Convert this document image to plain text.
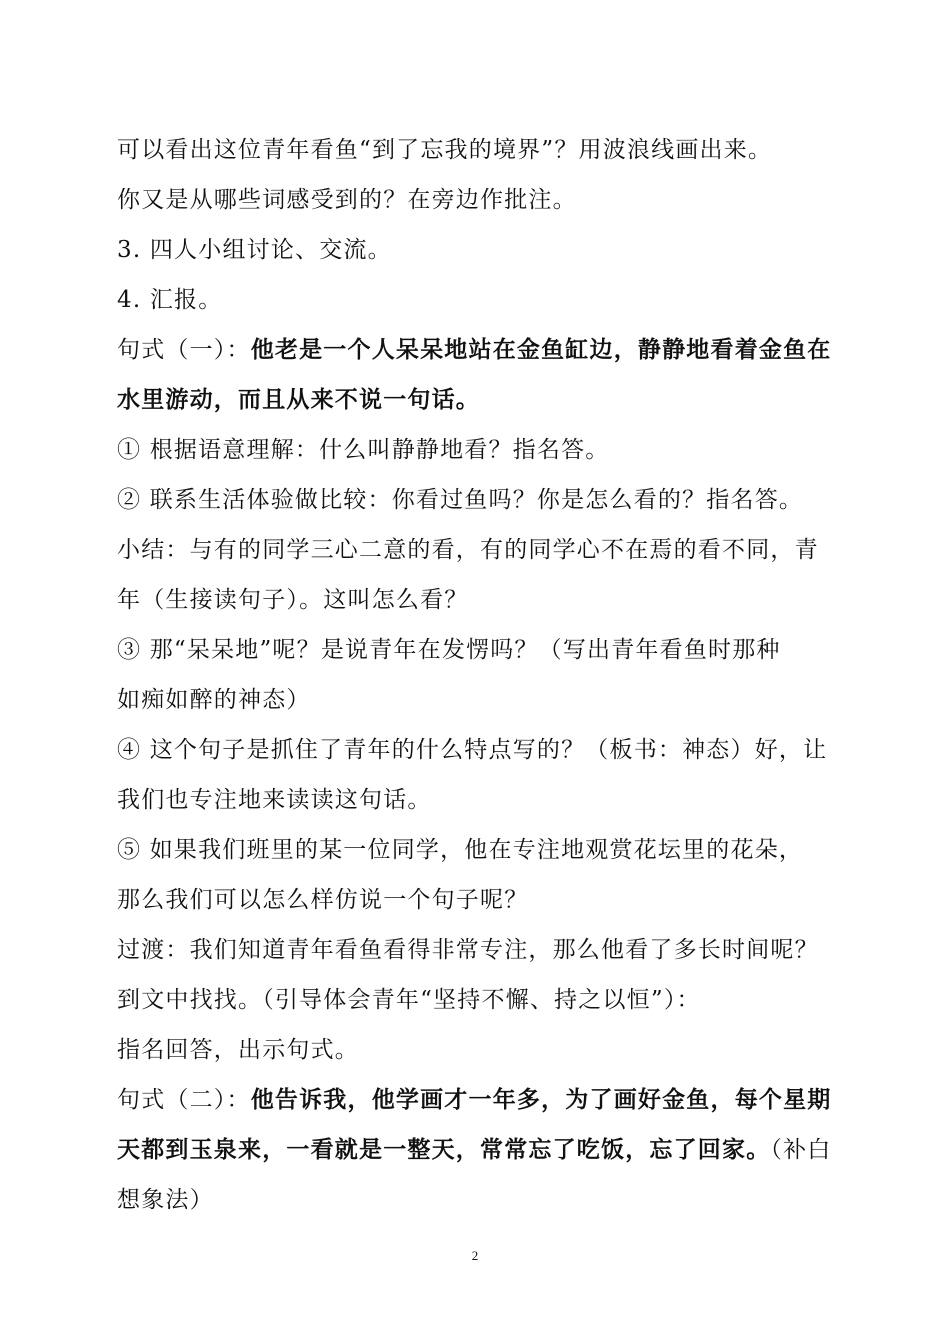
可以看出这位青年看鱼“到了忘我的境界”？用波浪线画出来。
你又是从哪些词感受到的？在旁边作批注。
3. 四人小组讨论、交流。
4. 汇报。
句式（一）：他老是一个人呆呆地站在金鱼缸边，静静地看着金鱼在
水里游动，而且从来不说一句话。
① 根据语意理解：什么叫静静地看？指名答。
② 联系生活体验做比较：你看过鱼吗？你是怎么看的？指名答。
小结：与有的同学三心二意的看，有的同学心不在焉的看不同，青
年（生接读句子）。这叫怎么看？
③ 那“呆呆地”呢？是说青年在发愣吗？（写出青年看鱼时那种
如痴如醉的神态）
④ 这个句子是抓住了青年的什么特点写的？（板书：神态）好，让
我们也专注地来读读这句话。
⑤ 如果我们班里的某一位同学，他在专注地观赏花坛里的花朵，
那么我们可以怎么样仿说一个句子呢？
过渡：我们知道青年看鱼看得非常专注，那么他看了多长时间呢？
到文中找找。（引导体会青年“坚持不懈、持之以恒”）：
指名回答，出示句式。
句式（二）：他告诉我，他学画才一年多，为了画好金鱼，每个星期
天都到玉泉来，一看就是一整天，常常忘了吃饭，忘了回家。（补白
想象法）
2
